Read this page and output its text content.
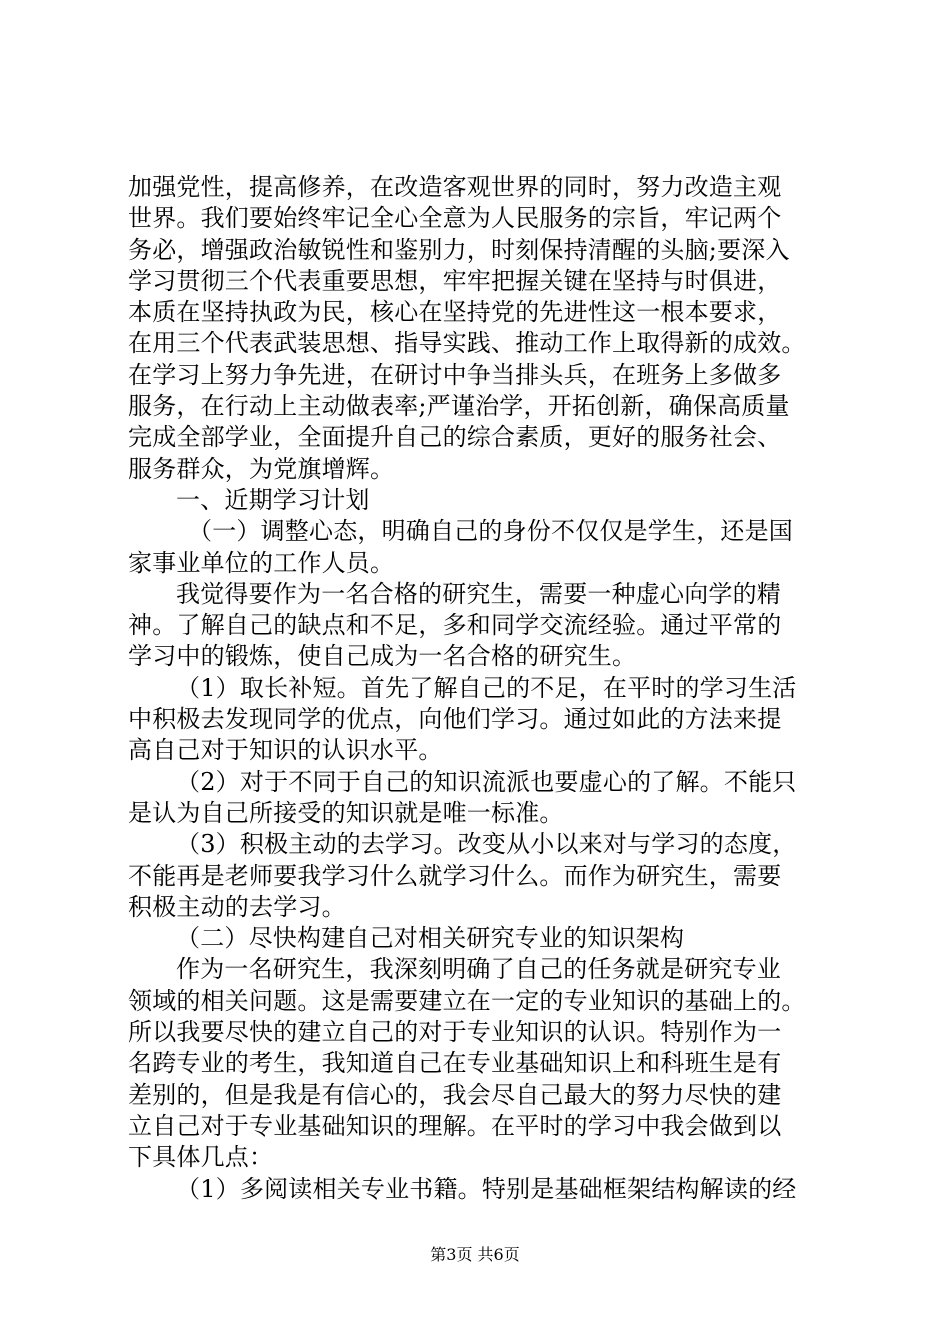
加强党性，提高修养，在改造客观世界的同时，努力改造主观
世界。我们要始终牢记全心全意为人民服务的宗旨，牢记两个
务必，增强政治敏锐性和鉴别力，时刻保持清醒的头脑;要深入
学习贯彻三个代表重要思想，牢牢把握关键在坚持与时俱进，
本质在坚持执政为民，核心在坚持党的先进性这一根本要求，
在用三个代表武装思想、指导实践、推动工作上取得新的成效。
在学习上努力争先进，在研讨中争当排头兵，在班务上多做多
服务，在行动上主动做表率;严谨治学，开拓创新，确保高质量
完成全部学业，全面提升自己的综合素质，更好的服务社会、
服务群众，为党旗增辉。
一、近期学习计划
（一）调整心态，明确自己的身份不仅仅是学生，还是国
家事业单位的工作人员。
我觉得要作为一名合格的研究生，需要一种虚心向学的精
神。了解自己的缺点和不足，多和同学交流经验。通过平常的
学习中的锻炼，使自己成为一名合格的研究生。
（1）取长补短。首先了解自己的不足，在平时的学习生活
中积极去发现同学的优点，向他们学习。通过如此的方法来提
高自己对于知识的认识水平。
（2）对于不同于自己的知识流派也要虚心的了解。不能只
是认为自己所接受的知识就是唯一标准。
（3）积极主动的去学习。改变从小以来对与学习的态度，
不能再是老师要我学习什么就学习什么。而作为研究生，需要
积极主动的去学习。
（二）尽快构建自己对相关研究专业的知识架构
作为一名研究生，我深刻明确了自己的任务就是研究专业
领域的相关问题。这是需要建立在一定的专业知识的基础上的。
所以我要尽快的建立自己的对于专业知识的认识。特别作为一
名跨专业的考生，我知道自己在专业基础知识上和科班生是有
差别的，但是我是有信心的，我会尽自己最大的努力尽快的建
立自己对于专业基础知识的理解。在平时的学习中我会做到以
下具体几点：
（1）多阅读相关专业书籍。特别是基础框架结构解读的经
第3页 共6页
